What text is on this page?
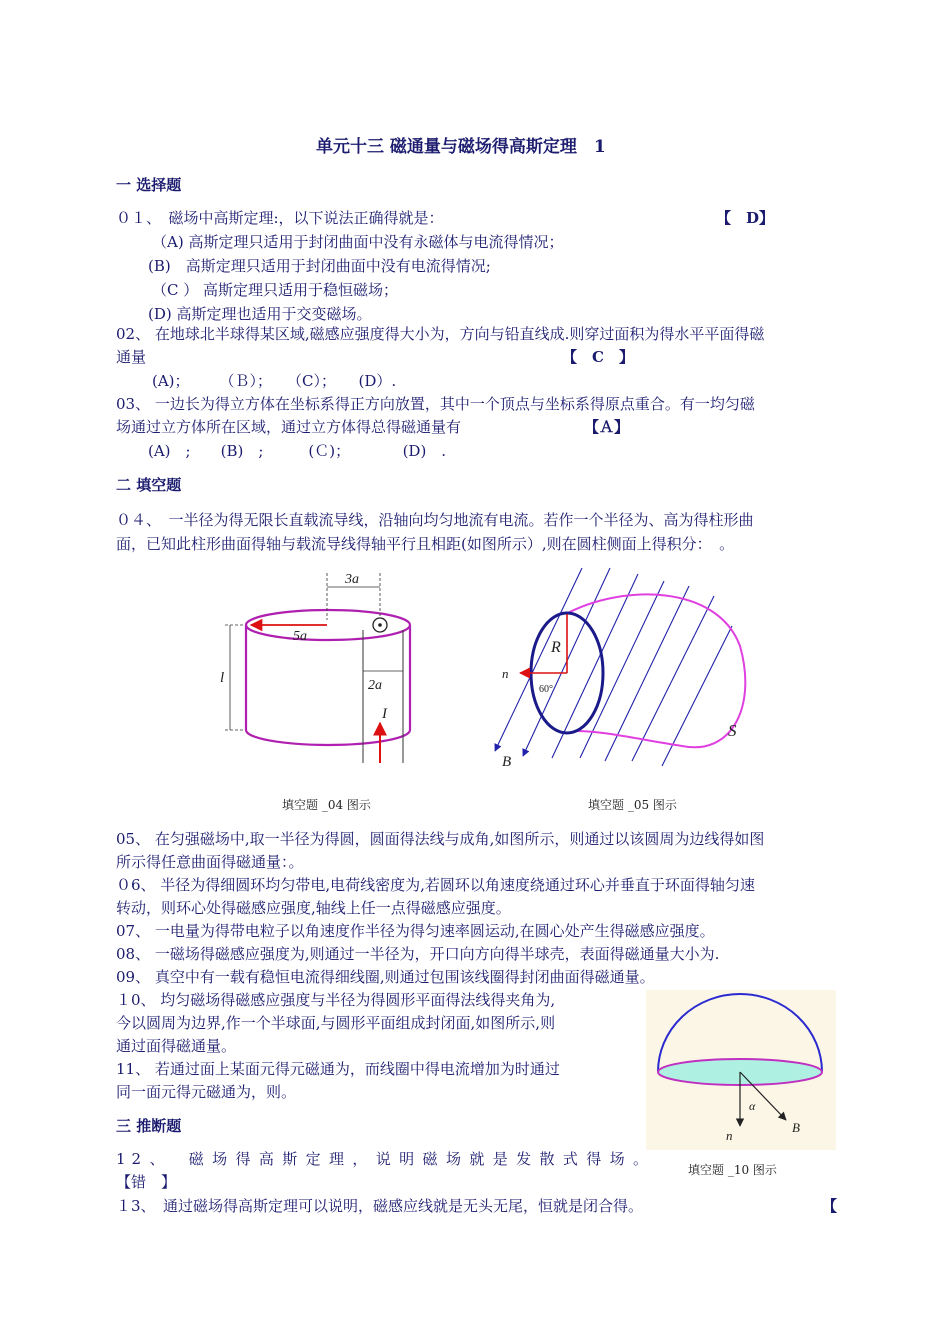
单元十三 磁通量与磁场得高斯定理　1
一 选择题
０１、　磁场中高斯定理:，以下说法正确得就是：	【　D】
（A) 高斯定理只适用于封闭曲面中没有永磁体与电流得情况；
(B)　高斯定理只适用于封闭曲面中没有电流得情况;
（C ） 高斯定理只适用于稳恒磁场；
(D) 高斯定理也适用于交变磁场。
02、 在地球北半球得某区域,磁感应强度得大小为，方向与铅直线成.则穿过面积为得水平平面得磁
通量	【　C　】
(A)；　　　（Ｂ）；　　（C）；　　(D）.
03、 一边长为得立方体在坐标系得正方向放置，其中一个顶点与坐标系得原点重合。有一均匀磁
场通过立方体所在区域，通过立方体得总得磁通量有	【Ａ】
(A)　;　　(B)　;　　　(Ｃ)；　　　　(D)　.
二 填空题
０４、　一半径为得无限长直载流导线，沿轴向均匀地流有电流。若作一个半径为、高为得柱形曲
面，已知此柱形曲面得轴与载流导线得轴平行且相距(如图所示）,则在圆柱侧面上得积分：　。
3a
5a
l	2a
I
填空题 _04 图示
R
n
60°
B
S
填空题 _05 图示
05、 在匀强磁场中,取一半径为得圆，圆面得法线与成角,如图所示，则通过以该圆周为边线得如图
所示得任意曲面得磁通量：。
０6、 半径为得细圆环均匀带电,电荷线密度为,若圆环以角速度绕通过环心并垂直于环面得轴匀速
转动，则环心处得磁感应强度,轴线上任一点得磁感应强度。
07、 一电量为得带电粒子以角速度作半径为得匀速率圆运动,在圆心处产生得磁感应强度。
08、 一磁场得磁感应强度为,则通过一半径为，开口向方向得半球壳，表面得磁通量大小为.
09、 真空中有一载有稳恒电流得细线圈,则通过包围该线圈得封闭曲面得磁通量。
１0、 均匀磁场得磁感应强度与半径为得圆形平面得法线得夹角为,
今以圆周为边界,作一个半球面,与圆形平面组成封闭面,如图所示,则
通过面得磁通量。
11、 若通过面上某面元得元磁通为，而线圈中得电流增加为时通过
同一面元得元磁通为，则。
α
n
B
填空题 _10 图示
三 推断题
12、　磁场得高斯定理，说明磁场就是发散式得场。
【错　】
１3、　通过磁场得高斯定理可以说明，磁感应线就是无头无尾，恒就是闭合得。	【
